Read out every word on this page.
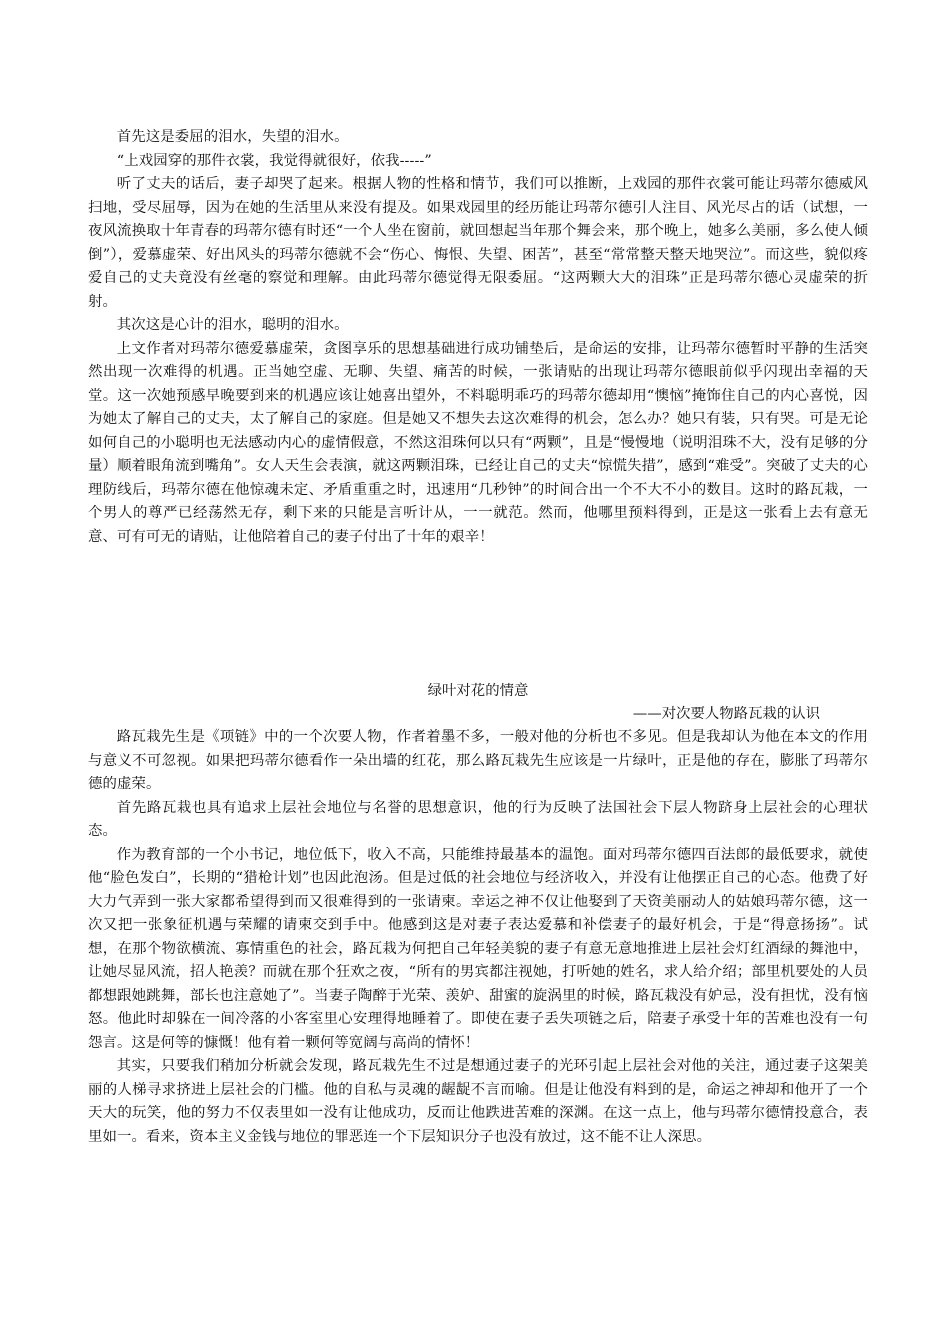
首先这是委屈的泪水，失望的泪水。

“上戏园穿的那件衣裳，我觉得就很好，依我-----”

听了丈夫的话后，妻子却哭了起来。根据人物的性格和情节，我们可以推断，上戏园的那件衣裳可能让玛蒂尔德威风扫地，受尽屈辱，因为在她的生活里从来没有提及。如果戏园里的经历能让玛蒂尔德引人注目、风光尽占的话（试想，一夜风流换取十年青春的玛蒂尔德有时还“一个人坐在窗前，就回想起当年那个舞会来，那个晚上，她多么美丽，多么使人倾倒”），爱慕虚荣、好出风头的玛蒂尔德就不会“伤心、悔恨、失望、困苦”，甚至“常常整天整天地哭泣”。而这些，貌似疼爱自己的丈夫竟没有丝毫的察觉和理解。由此玛蒂尔德觉得无限委屈。“这两颗大大的泪珠”正是玛蒂尔德心灵虚荣的折射。

其次这是心计的泪水，聪明的泪水。

上文作者对玛蒂尔德爱慕虚荣，贪图享乐的思想基础进行成功铺垫后，是命运的安排，让玛蒂尔德暂时平静的生活突然出现一次难得的机遇。正当她空虚、无聊、失望、痛苦的时候，一张请贴的出现让玛蒂尔德眼前似乎闪现出幸福的天堂。这一次她预感早晚要到来的机遇应该让她喜出望外，不料聪明乖巧的玛蒂尔德却用“懊恼”掩饰住自己的内心喜悦，因为她太了解自己的丈夫，太了解自己的家庭。但是她又不想失去这次难得的机会，怎么办？她只有装，只有哭。可是无论如何自己的小聪明也无法感动内心的虚情假意，不然这泪珠何以只有“两颗”，且是“慢慢地（说明泪珠不大，没有足够的分量）顺着眼角流到嘴角”。女人天生会表演，就这两颗泪珠，已经让自己的丈夫“惊慌失措”，感到“难受”。突破了丈夫的心理防线后，玛蒂尔德在他惊魂未定、矛盾重重之时，迅速用“几秒钟”的时间合出一个不大不小的数目。这时的路瓦栽，一个男人的尊严已经荡然无存，剩下来的只能是言听计从，一一就范。然而，他哪里预料得到，正是这一张看上去有意无意、可有可无的请贴，让他陪着自己的妻子付出了十年的艰辛！

绿叶对花的情意
——对次要人物路瓦栽的认识

路瓦栽先生是《项链》中的一个次要人物，作者着墨不多，一般对他的分析也不多见。但是我却认为他在本文的作用与意义不可忽视。如果把玛蒂尔德看作一朵出墙的红花，那么路瓦栽先生应该是一片绿叶，正是他的存在，膨胀了玛蒂尔德的虚荣。

首先路瓦栽也具有追求上层社会地位与名誉的思想意识，他的行为反映了法国社会下层人物跻身上层社会的心理状态。

作为教育部的一个小书记，地位低下，收入不高，只能维持最基本的温饱。面对玛蒂尔德四百法郎的最低要求，就使他“脸色发白”，长期的“猎枪计划”也因此泡汤。但是过低的社会地位与经济收入，并没有让他摆正自己的心态。他费了好大力气弄到一张大家都希望得到而又很难得到的一张请柬。幸运之神不仅让他娶到了天资美丽动人的姑娘玛蒂尔德，这一次又把一张象征机遇与荣耀的请柬交到手中。他感到这是对妻子表达爱慕和补偿妻子的最好机会，于是“得意扬扬”。试想，在那个物欲横流、寡情重色的社会，路瓦栽为何把自己年轻美貌的妻子有意无意地推进上层社会灯红酒绿的舞池中，让她尽显风流，招人艳羡？而就在那个狂欢之夜，“所有的男宾都注视她，打听她的姓名，求人给介绍；部里机要处的人员都想跟她跳舞，部长也注意她了”。当妻子陶醉于光荣、羡妒、甜蜜的旋涡里的时候，路瓦栽没有妒忌，没有担忧，没有恼怒。他此时却躲在一间冷落的小客室里心安理得地睡着了。即使在妻子丢失项链之后，陪妻子承受十年的苦难也没有一句怨言。这是何等的慷慨！他有着一颗何等宽阔与高尚的情怀！

其实，只要我们稍加分析就会发现，路瓦栽先生不过是想通过妻子的光环引起上层社会对他的关注，通过妻子这架美丽的人梯寻求挤进上层社会的门槛。他的自私与灵魂的龌龊不言而喻。但是让他没有料到的是，命运之神却和他开了一个天大的玩笑，他的努力不仅表里如一没有让他成功，反而让他跌进苦难的深渊。在这一点上，他与玛蒂尔德情投意合，表里如一。看来，资本主义金钱与地位的罪恶连一个下层知识分子也没有放过，这不能不让人深思。
